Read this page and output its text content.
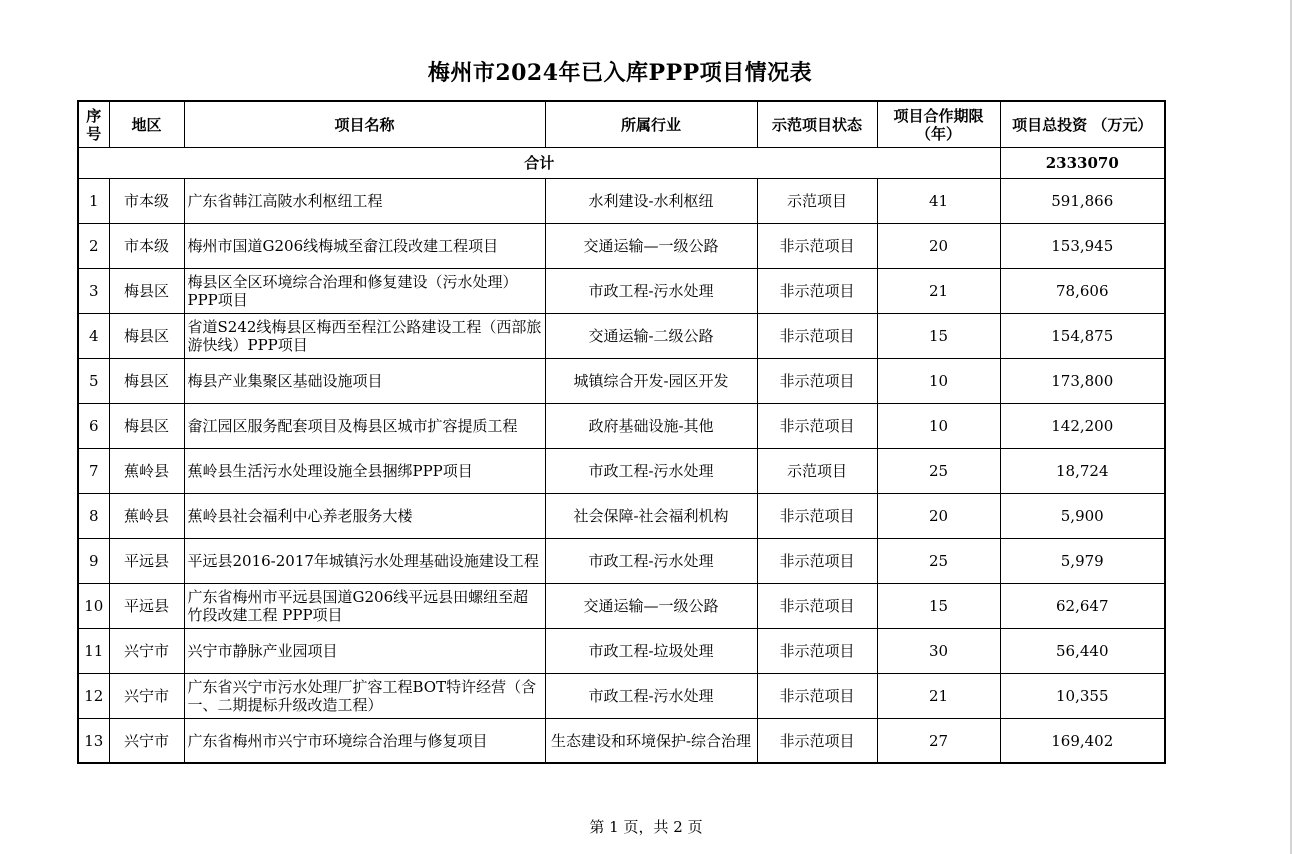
梅州市2024年已入库PPP项目情况表
序号	地区	项目名称	所属行业	示范项目状态	项目合作期限（年）	项目总投资 （万元）
合计						2333070
1	市本级	广东省韩江高陂水利枢纽工程	水利建设-水利枢纽	示范项目	41	591,866
2	市本级	梅州市国道G206线梅城至畲江段改建工程项目	交通运输—一级公路	非示范项目	20	153,945
3	梅县区	梅县区全区环境综合治理和修复建设（污水处理）PPP项目	市政工程-污水处理	非示范项目	21	78,606
4	梅县区	省道S242线梅县区梅西至程江公路建设工程（西部旅游快线）PPP项目	交通运输-二级公路	非示范项目	15	154,875
5	梅县区	梅县产业集聚区基础设施项目	城镇综合开发-园区开发	非示范项目	10	173,800
6	梅县区	畲江园区服务配套项目及梅县区城市扩容提质工程	政府基础设施-其他	非示范项目	10	142,200
7	蕉岭县	蕉岭县生活污水处理设施全县捆绑PPP项目	市政工程-污水处理	示范项目	25	18,724
8	蕉岭县	蕉岭县社会福利中心养老服务大楼	社会保障-社会福利机构	非示范项目	20	5,900
9	平远县	平远县2016-2017年城镇污水处理基础设施建设工程	市政工程-污水处理	非示范项目	25	5,979
10	平远县	广东省梅州市平远县国道G206线平远县田螺纽至超竹段改建工程 PPP项目	交通运输—一级公路	非示范项目	15	62,647
11	兴宁市	兴宁市静脉产业园项目	市政工程-垃圾处理	非示范项目	30	56,440
12	兴宁市	广东省兴宁市污水处理厂扩容工程BOT特许经营（含一、二期提标升级改造工程）	市政工程-污水处理	非示范项目	21	10,355
13	兴宁市	广东省梅州市兴宁市环境综合治理与修复项目	生态建设和环境保护-综合治理	非示范项目	27	169,402
第 1 页，共 2 页
